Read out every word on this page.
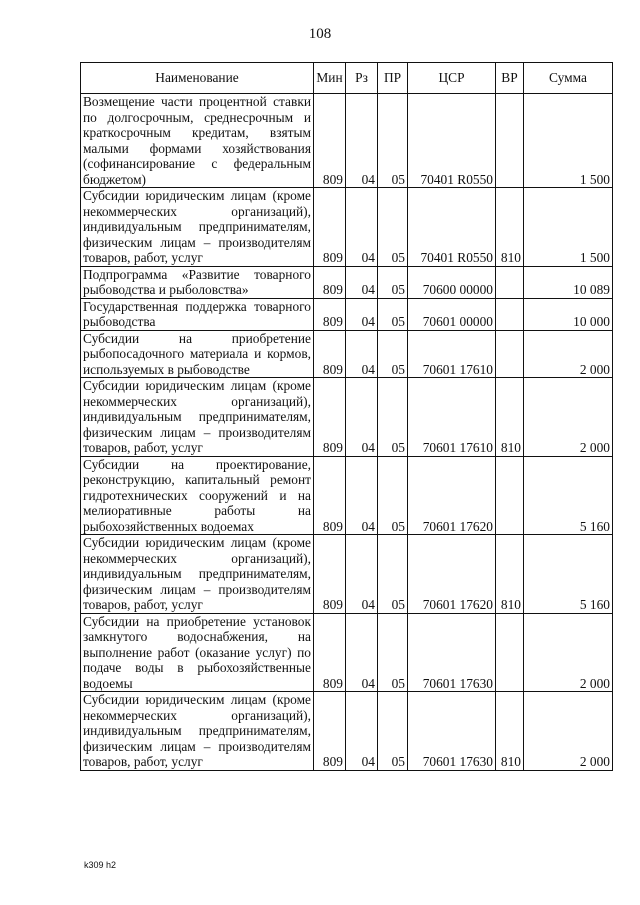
108
Наименование	Мин	Рз	ПР	ЦСР	ВР	Сумма
Возмещение части процентной ставки по долгосрочным, среднесрочным и краткосрочным кредитам, взятым малыми формами хозяйствования (софинансирование с федеральным бюджетом)	809	04	05	70401 R0550		1 500
Субсидии юридическим лицам (кроме некоммерческих организаций), индивидуальным предпринимателям, физическим лицам – производителям товаров, работ, услуг	809	04	05	70401 R0550	810	1 500
Подпрограмма «Развитие товарного рыбоводства и рыболовства»	809	04	05	70600 00000		10 089
Государственная поддержка товарного рыбоводства	809	04	05	70601 00000		10 000
Субсидии на приобретение рыбопосадочного материала и кормов, используемых в рыбоводстве	809	04	05	70601 17610		2 000
Субсидии юридическим лицам (кроме некоммерческих организаций), индивидуальным предпринимателям, физическим лицам – производителям товаров, работ, услуг	809	04	05	70601 17610	810	2 000
Субсидии на проектирование, реконструкцию, капитальный ремонт гидротехнических сооружений и на мелиоративные работы на рыбохозяйственных водоемах	809	04	05	70601 17620		5 160
Субсидии юридическим лицам (кроме некоммерческих организаций), индивидуальным предпринимателям, физическим лицам – производителям товаров, работ, услуг	809	04	05	70601 17620	810	5 160
Субсидии на приобретение установок замкнутого водоснабжения, на выполнение работ (оказание услуг) по подаче воды в рыбохозяйственные водоемы	809	04	05	70601 17630		2 000
Субсидии юридическим лицам (кроме некоммерческих организаций), индивидуальным предпринимателям, физическим лицам – производителям товаров, работ, услуг	809	04	05	70601 17630	810	2 000
k309 h2
